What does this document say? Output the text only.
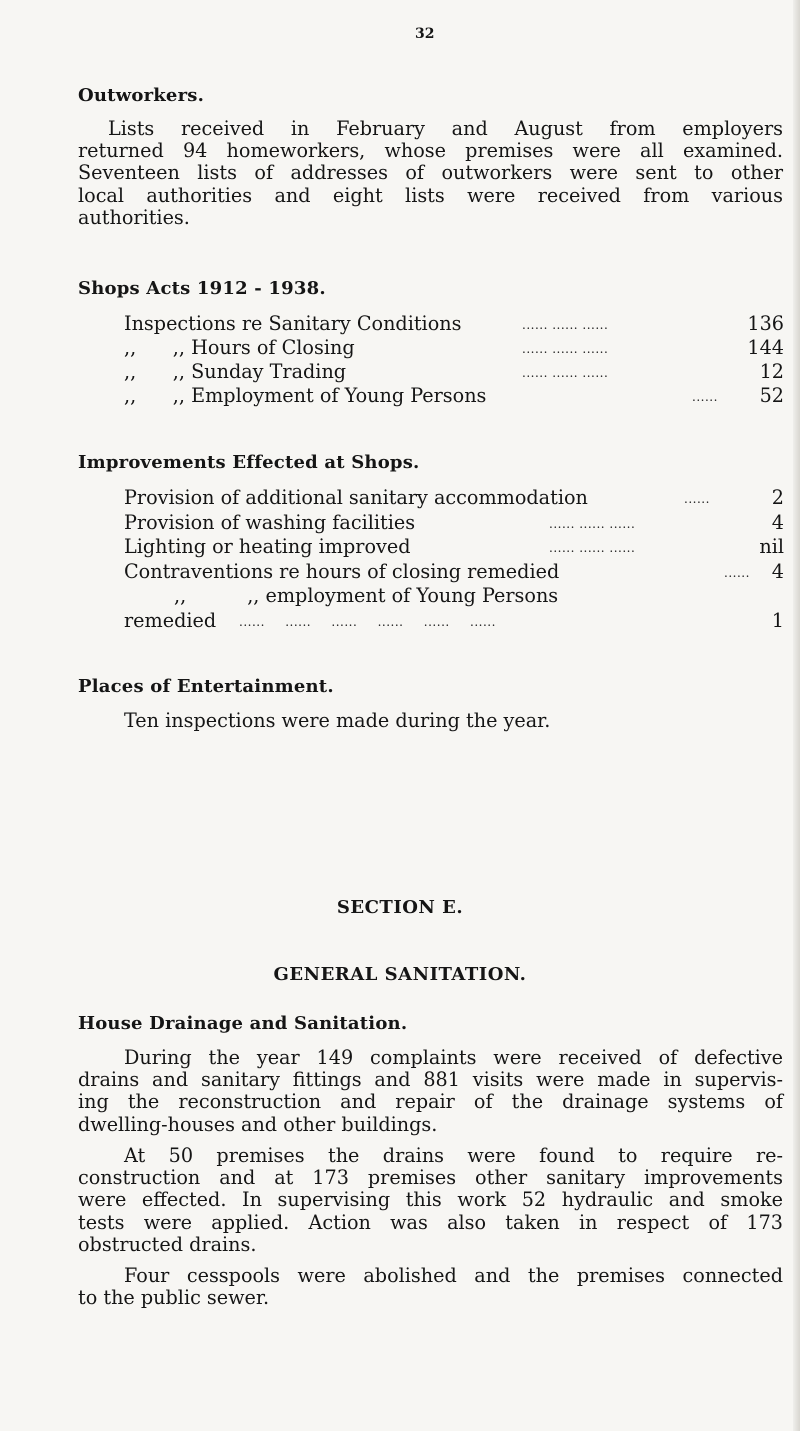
32
Outworkers.
Lists received in February and August from employers
returned 94 homeworkers, whose premises were all examined.
Seventeen lists of addresses of outworkers were sent to other
local authorities and eight lists were received from various
authorities.
Shops Acts 1912 - 1938.
Inspections re Sanitary Conditions	...... ...... ......	136
,,      ,, Hours of Closing	...... ...... ......	144
,,      ,, Sunday Trading	...... ...... ......	12
,,      ,, Employment of Young Persons	...... 52
Improvements Effected at Shops.
Provision of additional sanitary accommodation	......	2
Provision of washing facilities	...... ...... ......	4
Lighting or heating improved	...... ...... ......	nil
Contraventions re hours of closing remedied	...... 4
,,          ,, employment of Young Persons
remedied ...... ...... ...... ...... ...... ......	1
Places of Entertainment.
Ten inspections were made during the year.
SECTION E.
GENERAL SANITATION.
House Drainage and Sanitation.
During the year 149 complaints were received of defective
drains and sanitary fittings and 881 visits were made in supervis-
ing the reconstruction and repair of the drainage systems of
dwelling-houses and other buildings.
At 50 premises the drains were found to require re-
construction and at 173 premises other sanitary improvements
were effected. In supervising this work 52 hydraulic and smoke
tests were applied. Action was also taken in respect of 173
obstructed drains.
Four cesspools were abolished and the premises connected
to the public sewer.
